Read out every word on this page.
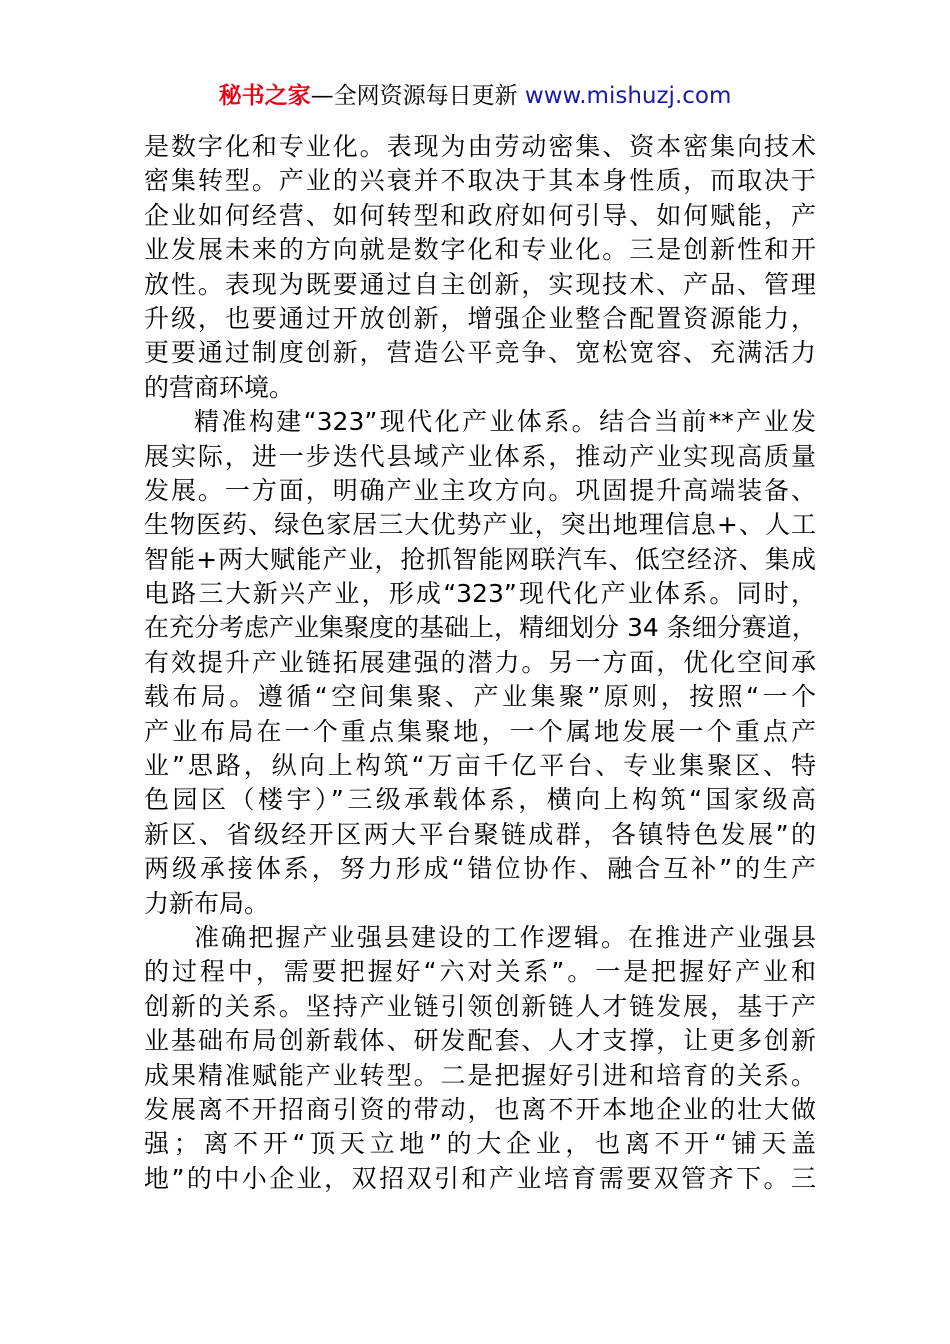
秘书之家—全网资源每日更新 www.mishuzj.com
是数字化和专业化。表现为由劳动密集、资本密集向技术
密集转型。产业的兴衰并不取决于其本身性质，而取决于
企业如何经营、如何转型和政府如何引导、如何赋能，产
业发展未来的方向就是数字化和专业化。三是创新性和开
放性。表现为既要通过自主创新，实现技术、产品、管理
升级，也要通过开放创新，增强企业整合配置资源能力，
更要通过制度创新，营造公平竞争、宽松宽容、充满活力
的营商环境。
精准构建“323”现代化产业体系。结合当前**产业发
展实际，进一步迭代县域产业体系，推动产业实现高质量
发展。一方面，明确产业主攻方向。巩固提升高端装备、
生物医药、绿色家居三大优势产业，突出地理信息+、人工
智能+两大赋能产业，抢抓智能网联汽车、低空经济、集成
电路三大新兴产业，形成“323”现代化产业体系。同时，
在充分考虑产业集聚度的基础上，精细划分 34 条细分赛道，
有效提升产业链拓展建强的潜力。另一方面，优化空间承
载布局。遵循“空间集聚、产业集聚”原则，按照“一个
产业布局在一个重点集聚地，一个属地发展一个重点产
业”思路，纵向上构筑“万亩千亿平台、专业集聚区、特
色园区（楼宇）”三级承载体系，横向上构筑“国家级高
新区、省级经开区两大平台聚链成群，各镇特色发展”的
两级承接体系，努力形成“错位协作、融合互补”的生产
力新布局。
准确把握产业强县建设的工作逻辑。在推进产业强县
的过程中，需要把握好“六对关系”。一是把握好产业和
创新的关系。坚持产业链引领创新链人才链发展，基于产
业基础布局创新载体、研发配套、人才支撑，让更多创新
成果精准赋能产业转型。二是把握好引进和培育的关系。
发展离不开招商引资的带动，也离不开本地企业的壮大做
强；离不开“顶天立地”的大企业，也离不开“铺天盖
地”的中小企业，双招双引和产业培育需要双管齐下。三
